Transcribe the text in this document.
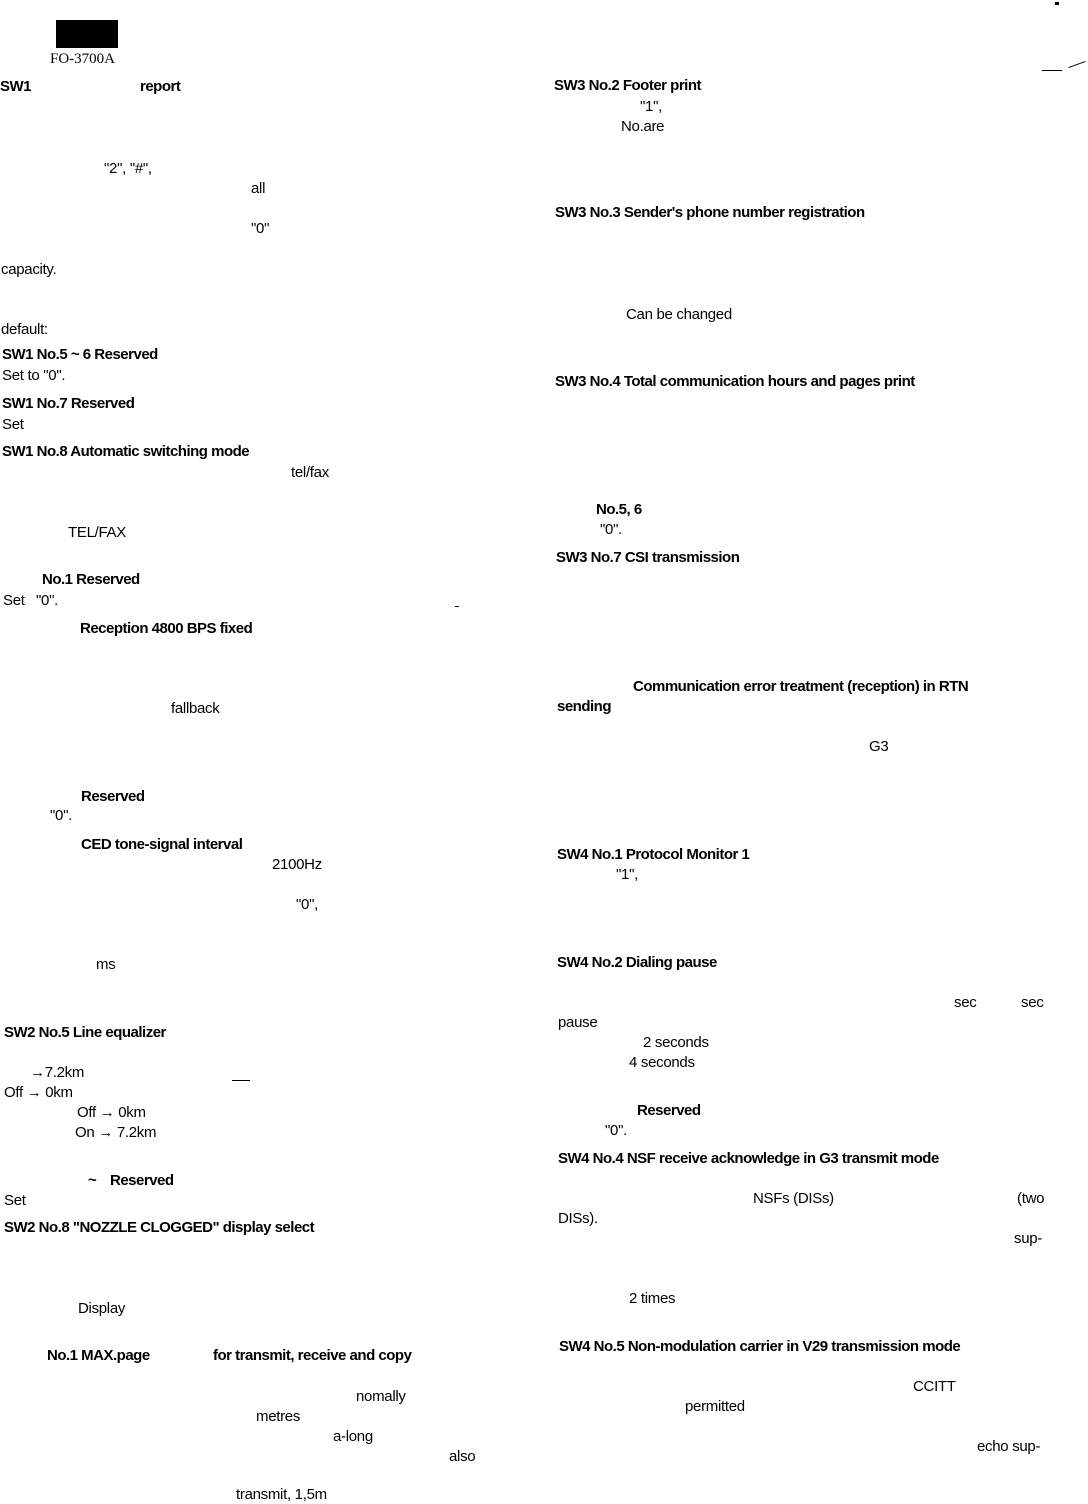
FO-3700A
SW1	report
"2", "#",
all
"0"
capacity.
default:
SW1 No.5 ~ 6 Reserved
Set to "0".
SW1 No.7 Reserved
Set
SW1 No.8 Automatic switching mode
tel/fax
TEL/FAX
No.1 Reserved
Set "0".
Reception 4800 BPS fixed
fallback
Reserved
"0".
CED tone-signal interval
2100Hz
"0",
ms
SW2 No.5 Line equalizer
→7.2km
Off → 0km
Off → 0km
On → 7.2km
~ Reserved
Set
SW2 No.8 "NOZZLE CLOGGED" display select
Display
No.1 MAX.page	for transmit, receive and copy
nomally
metres
a-long
also
transmit, 1,5m
SW3 No.2 Footer print
"1",
No.are
SW3 No.3 Sender's phone number registration
Can be changed
SW3 No.4 Total communication hours and pages print
No.5, 6
"0".
SW3 No.7 CSI transmission
Communication error treatment (reception) in RTN
sending
G3
SW4 No.1 Protocol Monitor 1
"1",
SW4 No.2 Dialing pause
sec	sec
pause
2 seconds
4 seconds
Reserved
"0".
SW4 No.4 NSF receive acknowledge in G3 transmit mode
NSFs (DISs)	(two
DISs).
sup-
2 times
SW4 No.5 Non-modulation carrier in V29 transmission mode
CCITT
permitted
echo sup-
